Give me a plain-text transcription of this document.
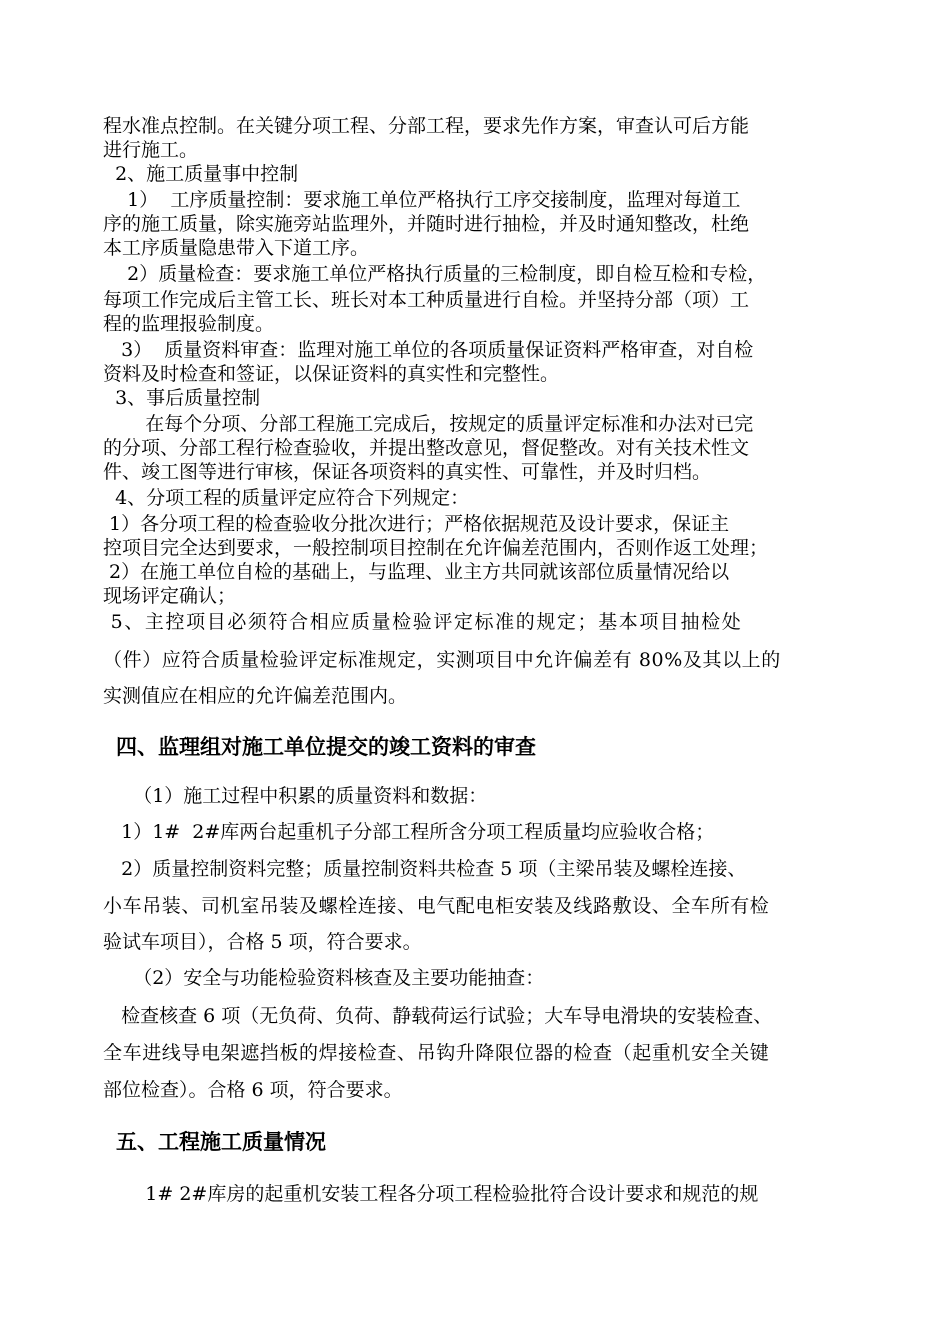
程水准点控制。在关键分项工程、分部工程，要求先作方案，审查认可后方能
进行施工。
2、施工质量事中控制
1）  工序质量控制：要求施工单位严格执行工序交接制度，监理对每道工
序的施工质量，除实施旁站监理外，并随时进行抽检，并及时通知整改，杜绝
本工序质量隐患带入下道工序。
2）质量检查：要求施工单位严格执行质量的三检制度，即自检互检和专检，
每项工作完成后主管工长、班长对本工种质量进行自检。并坚持分部（项）工
程的监理报验制度。
3）  质量资料审查：监理对施工单位的各项质量保证资料严格审查，对自检
资料及时检查和签证，以保证资料的真实性和完整性。
3、事后质量控制
在每个分项、分部工程施工完成后，按规定的质量评定标准和办法对已完
的分项、分部工程行检查验收，并提出整改意见，督促整改。对有关技术性文
件、竣工图等进行审核，保证各项资料的真实性、可靠性，并及时归档。
4、分项工程的质量评定应符合下列规定：
1）各分项工程的检查验收分批次进行；严格依据规范及设计要求，保证主
控项目完全达到要求，一般控制项目控制在允许偏差范围内，否则作返工处理；
2）在施工单位自检的基础上，与监理、业主方共同就该部位质量情况给以
现场评定确认；
5、主控项目必须符合相应质量检验评定标准的规定；基本项目抽检处
（件）应符合质量检验评定标准规定，实测项目中允许偏差有 80%及其以上的
实测值应在相应的允许偏差范围内。
四、监理组对施工单位提交的竣工资料的审查
（1）施工过程中积累的质量资料和数据：
1）1#  2#库两台起重机子分部工程所含分项工程质量均应验收合格；
2）质量控制资料完整；质量控制资料共检查 5 项（主梁吊装及螺栓连接、
小车吊装、司机室吊装及螺栓连接、电气配电柜安装及线路敷设、全车所有检
验试车项目），合格 5 项，符合要求。
（2）安全与功能检验资料核查及主要功能抽查：
检查核查 6 项（无负荷、负荷、静载荷运行试验；大车导电滑块的安装检查、
全车进线导电架遮挡板的焊接检查、吊钩升降限位器的检查（起重机安全关键
部位检查）。合格 6 项，符合要求。
五、工程施工质量情况
1# 2#库房的起重机安装工程各分项工程检验批符合设计要求和规范的规
